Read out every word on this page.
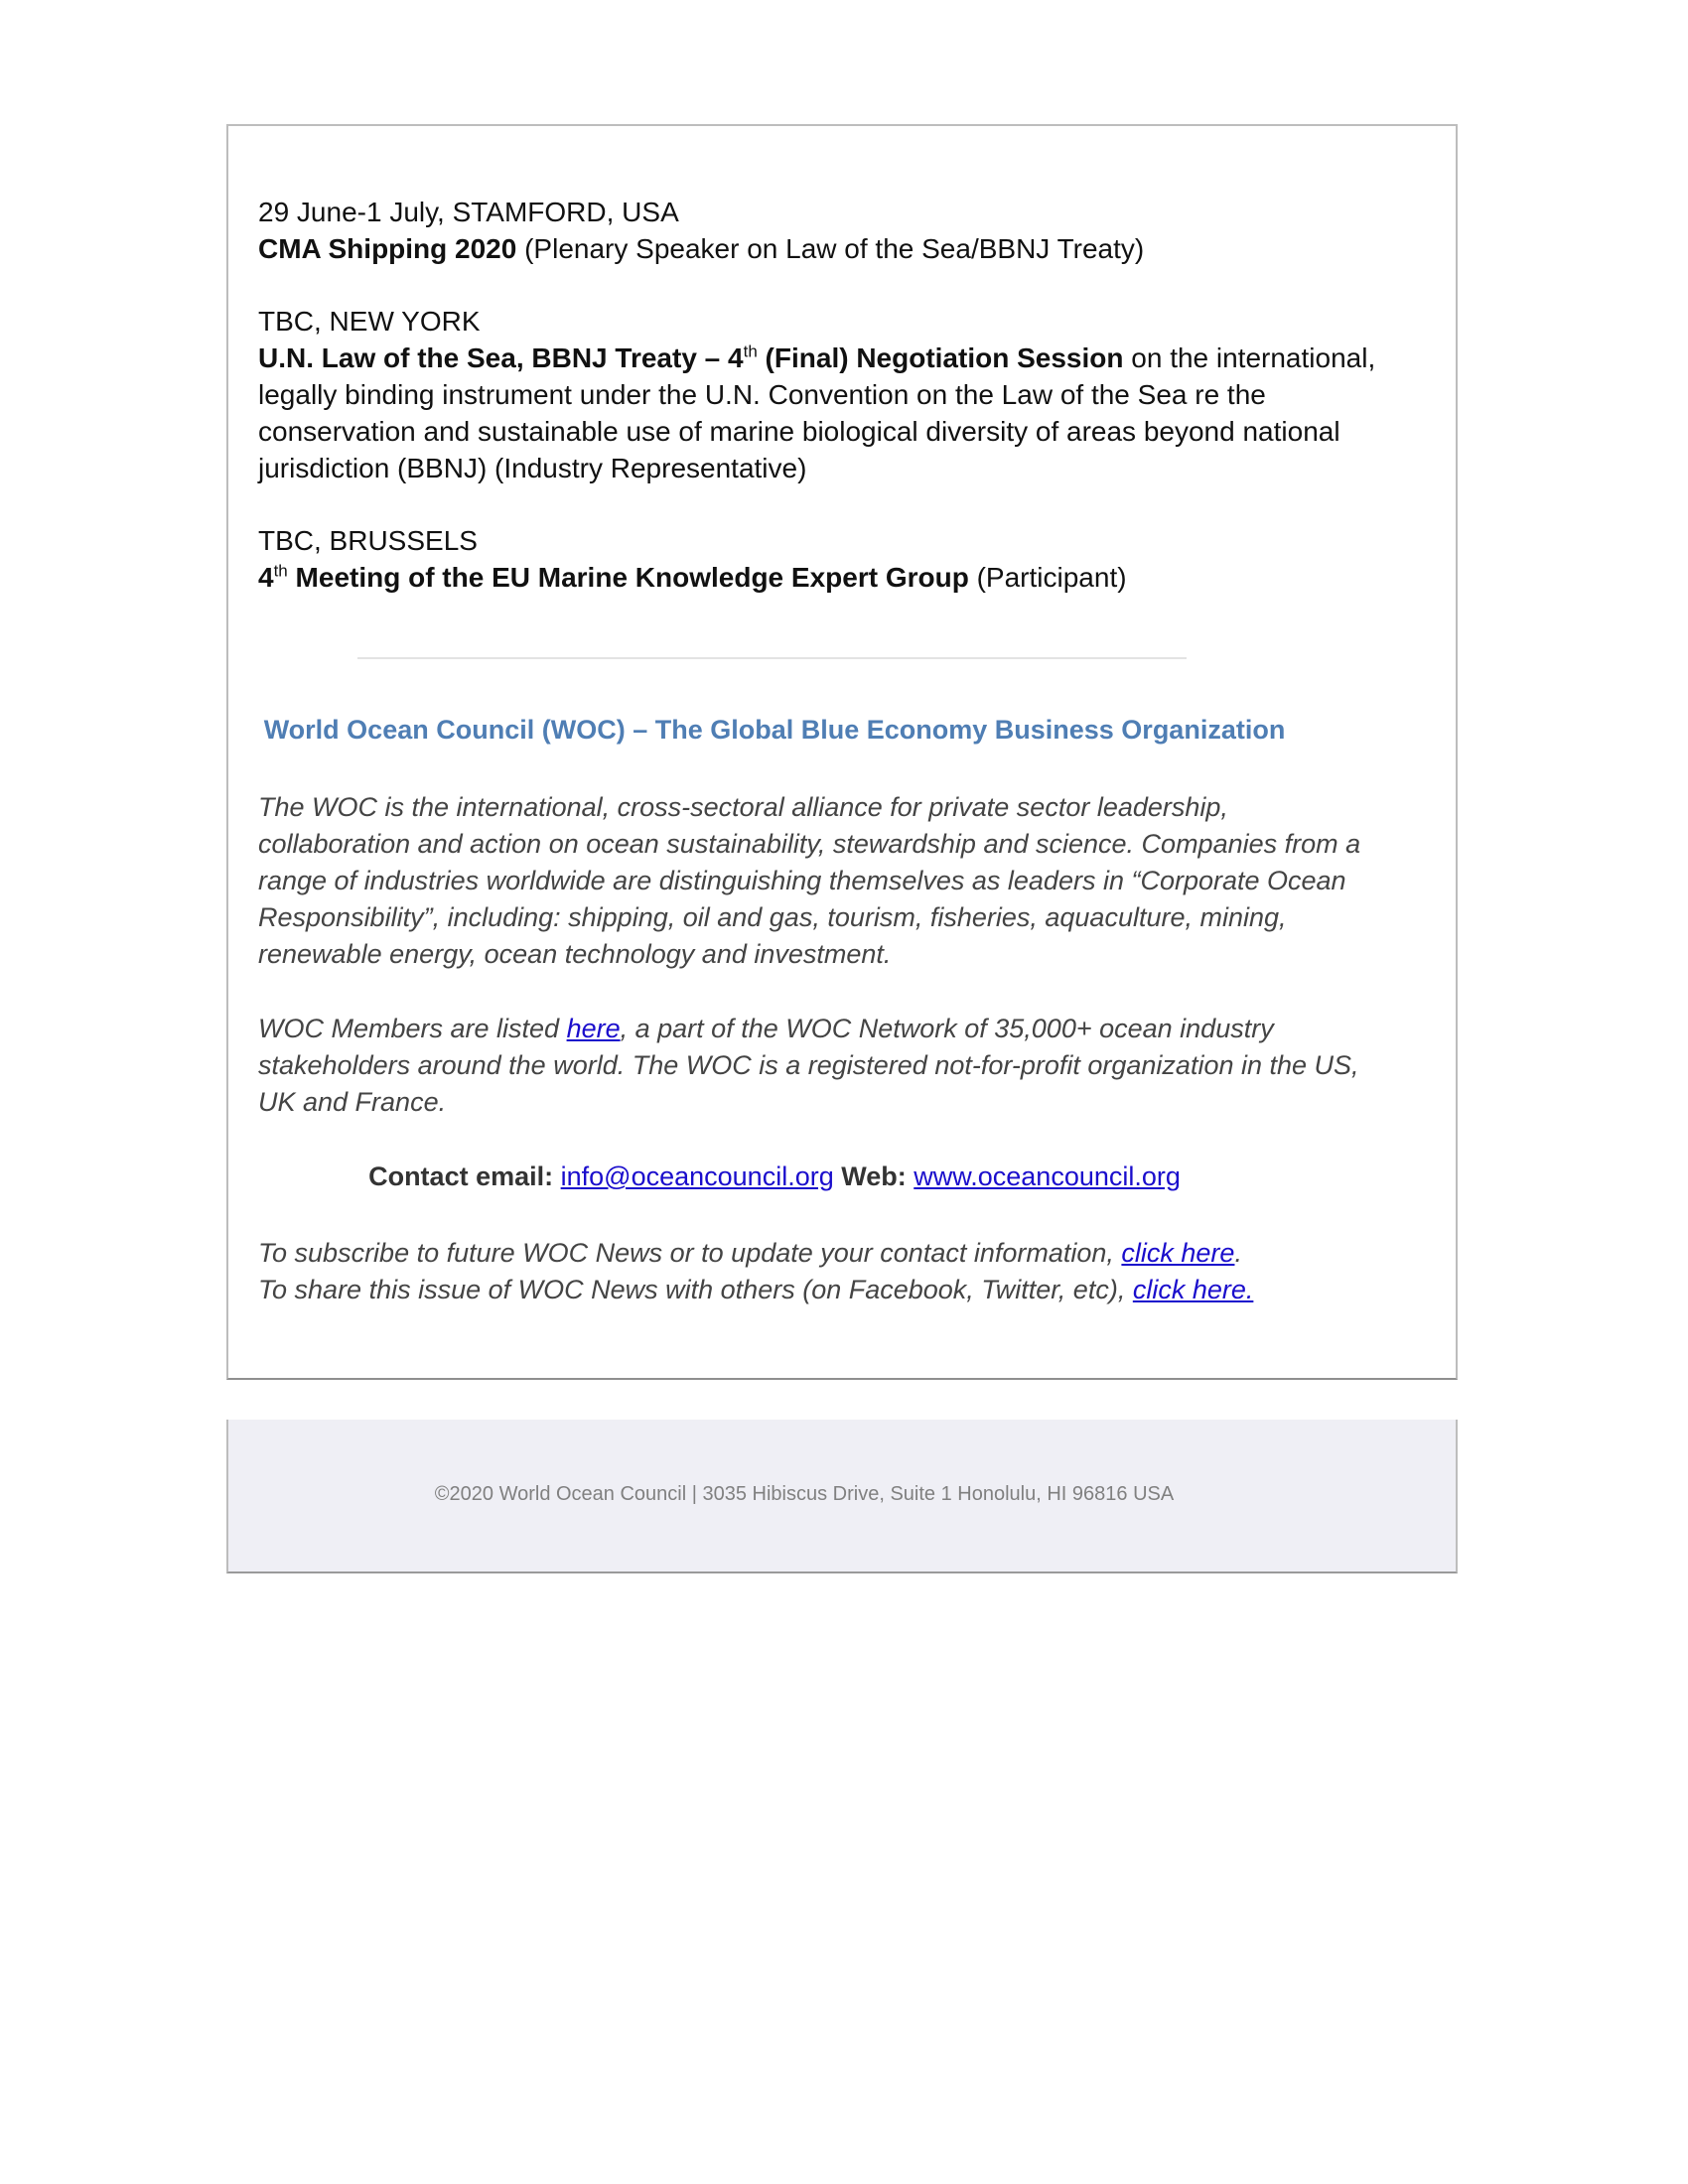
29 June-1 July, STAMFORD, USA
CMA Shipping 2020 (Plenary Speaker on Law of the Sea/BBNJ Treaty)
TBC, NEW YORK
U.N. Law of the Sea, BBNJ Treaty – 4th (Final) Negotiation Session on the international, legally binding instrument under the U.N. Convention on the Law of the Sea re the conservation and sustainable use of marine biological diversity of areas beyond national jurisdiction (BBNJ) (Industry Representative)
TBC, BRUSSELS
4th Meeting of the EU Marine Knowledge Expert Group (Participant)
World Ocean Council (WOC) – The Global Blue Economy Business Organization
The WOC is the international, cross-sectoral alliance for private sector leadership, collaboration and action on ocean sustainability, stewardship and science. Companies from a range of industries worldwide are distinguishing themselves as leaders in “Corporate Ocean Responsibility”, including: shipping, oil and gas, tourism, fisheries, aquaculture, mining, renewable energy, ocean technology and investment.
WOC Members are listed here, a part of the WOC Network of 35,000+ ocean industry stakeholders around the world. The WOC is a registered not-for-profit organization in the US, UK and France.
Contact email: info@oceancouncil.org Web: www.oceancouncil.org
To subscribe to future WOC News or to update your contact information, click here.
To share this issue of WOC News with others (on Facebook, Twitter, etc), click here.
©2020 World Ocean Council | 3035 Hibiscus Drive, Suite 1 Honolulu, HI 96816 USA
